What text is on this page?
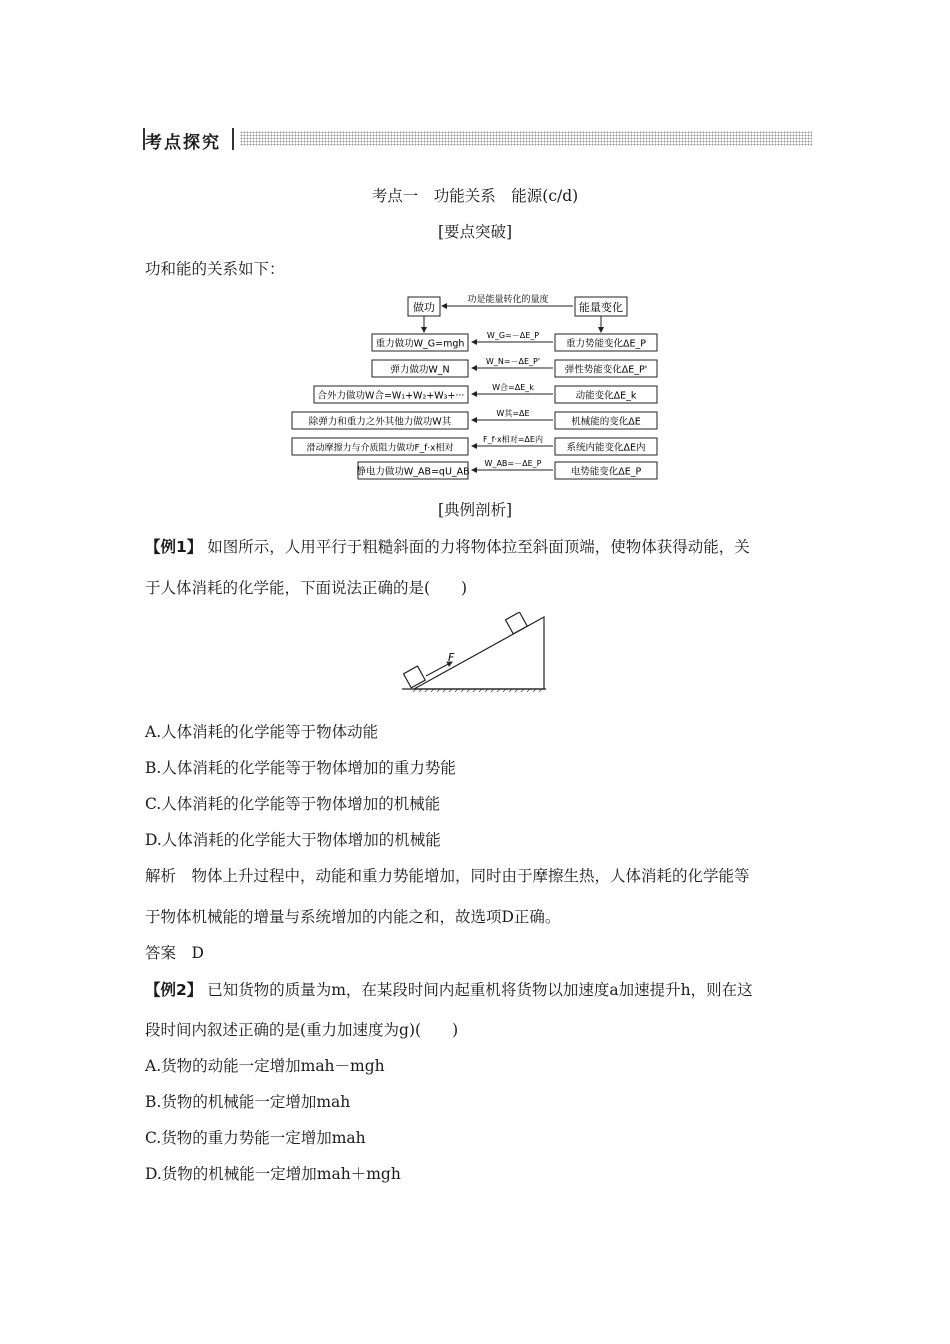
考点探究
考点一　功能关系　能源(c/d)
[要点突破]
功和能的关系如下：
做功	能量变化
功是能量转化的量度
重力做功W_G=mgh
W_G=－ΔE_P
重力势能变化ΔE_P
弹力做功W_N
W_N=－ΔE_P'
弹性势能变化ΔE_P'
合外力做功W合=W₁+W₂+W₃+···
W合=ΔE_k
动能变化ΔE_k
除弹力和重力之外其他力做功W其
W其=ΔE
机械能的变化ΔE
滑动摩擦力与介质阻力做功F_f·x相对
F_f·x相对=ΔE内
系统内能变化ΔE内
静电力做功W_AB=qU_AB
W_AB=－ΔE_P
电势能变化ΔE_P
[典例剖析]
【例1】 如图所示，人用平行于粗糙斜面的力将物体拉至斜面顶端，使物体获得动能，关
于人体消耗的化学能，下面说法正确的是(　　)
F
A.人体消耗的化学能等于物体动能
B.人体消耗的化学能等于物体增加的重力势能
C.人体消耗的化学能等于物体增加的机械能
D.人体消耗的化学能大于物体增加的机械能
解析　物体上升过程中，动能和重力势能增加，同时由于摩擦生热，人体消耗的化学能等
于物体机械能的增量与系统增加的内能之和，故选项D正确。
答案　D
【例2】 已知货物的质量为m，在某段时间内起重机将货物以加速度a加速提升h，则在这
段时间内叙述正确的是(重力加速度为g)(　　)
A.货物的动能一定增加mah－mgh
B.货物的机械能一定增加mah
C.货物的重力势能一定增加mah
D.货物的机械能一定增加mah＋mgh
